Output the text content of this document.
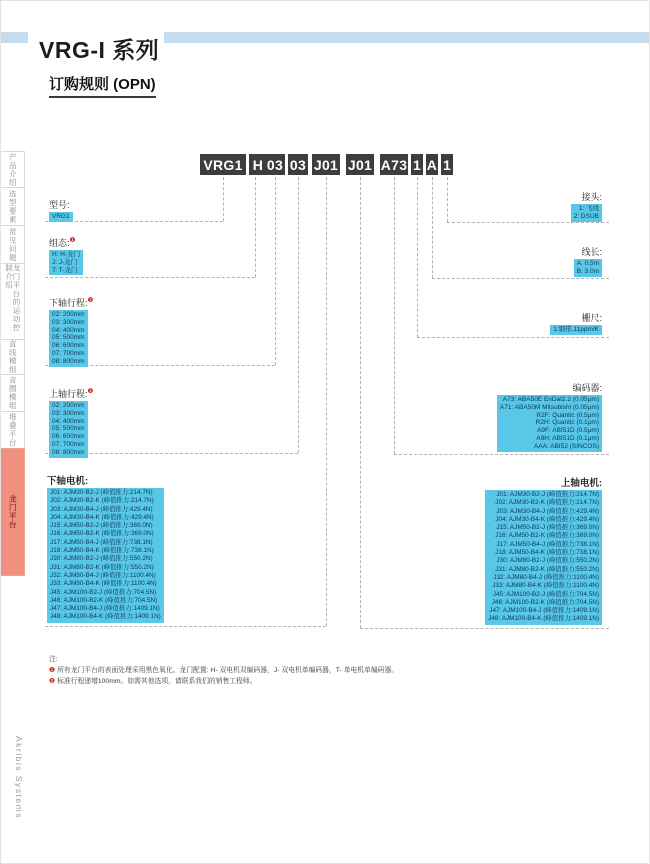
VRG-I 系列
订购规则 (OPN)
产品介绍
选型要素
常见问题
龙门平台的运动控制介绍
直线模组
音圈模组
堆叠平台
龙门平台
VRG1 H 03 03 J01 J01 A73 1 A 1
型号:
VRG1
组态:$^❶$
H: H-龙门
J: J-龙门
T: T-龙门
下轴行程:$^❷$
02: 200mm
03: 300mm
04: 400mm
05: 500mm
06: 600mm
07: 700mm
08: 800mm
上轴行程:$^❷$
02: 200mm
03: 300mm
04: 400mm
05: 500mm
06: 600mm
07: 700mm
08: 800mm
下轴电机:
J01: AJM30-B2-J (峰值推力:214.7N)
J02: AJM30-B2-K (峰值推力:214.7N)
J03: AJM30-B4-J (峰值推力:429.4N)
J04: AJM30-B4-K (峰值推力:429.4N)
J15: AJM50-B2-J (峰值推力:369.0N)
J16: AJM50-B2-K (峰值推力:369.0N)
J17: AJM50-B4-J (峰值推力:738.1N)
J18: AJM50-B4-K (峰值推力:738.1N)
J30: AJM80-B2-J (峰值推力:550.2N)
J31: AJM80-B2-K (峰值推力:550.2N)
J32: AJM80-B4-J (峰值推力:1100.4N)
J33: AJM80-B4-K (峰值推力:1100.4N)
J45: AJM100-B2-J (峰值推力:704.5N)
J46: AJM100-B2-K (峰值推力:704.5N)
J47: AJM100-B4-J (峰值推力:1409.1N)
J48: AJM100-B4-K (峰值推力:1409.1N)
接头:
1: 飞线
2: DSUB
线长:
A: 0.5m
B: 3.0m
栅尺:
1:钢带,11ppm/K
编码器:
A73: ABA50E EnDat2.2 (0.05μm)
A71: ABA50M Mitsubishi (0.05μm)
R2F: Quantic (0.5μm)
R2H: Quantic (0.1μm)
A9F: ABI51D (0.5μm)
A9H: ABI51D (0.1μm)
AAA: ABI52 (SINCOS)
上轴电机:
J01: AJM30-B2-J (峰值推力:214.7N)
J02: AJM30-B2-K (峰值推力:214.7N)
J03: AJM30-B4-J (峰值推力:429.4N)
J04: AJM30-B4-K (峰值推力:429.4N)
J15: AJM50-B2-J (峰值推力:369.0N)
J16: AJM50-B2-K (峰值推力:369.0N)
J17: AJM50-B4-J (峰值推力:738.1N)
J18: AJM50-B4-K (峰值推力:738.1N)
J30: AJM80-B2-J (峰值推力:550.2N)
J31: AJM80-B2-K (峰值推力:550.2N)
J32: AJM80-B4-J (峰值推力:1100.4N)
J33: AJM80-B4-K (峰值推力:1100.4N)
J45: AJM100-B2-J (峰值推力:704.5N)
J46: AJM100-B2-K (峰值推力:704.5N)
J47: AJM100-B4-J (峰值推力:1409.1N)
J48: AJM100-B4-K (峰值推力:1409.1N)
注:
❶ 所有龙门平台的表面处理采用黑色氧化。龙门配置: H- 双电机双编码器，J- 双电机单编码器，T- 单电机单编码器。
❷ 标准行程递增100mm。如需其他选项，请联系我们的销售工程师。
Akribis Systems
